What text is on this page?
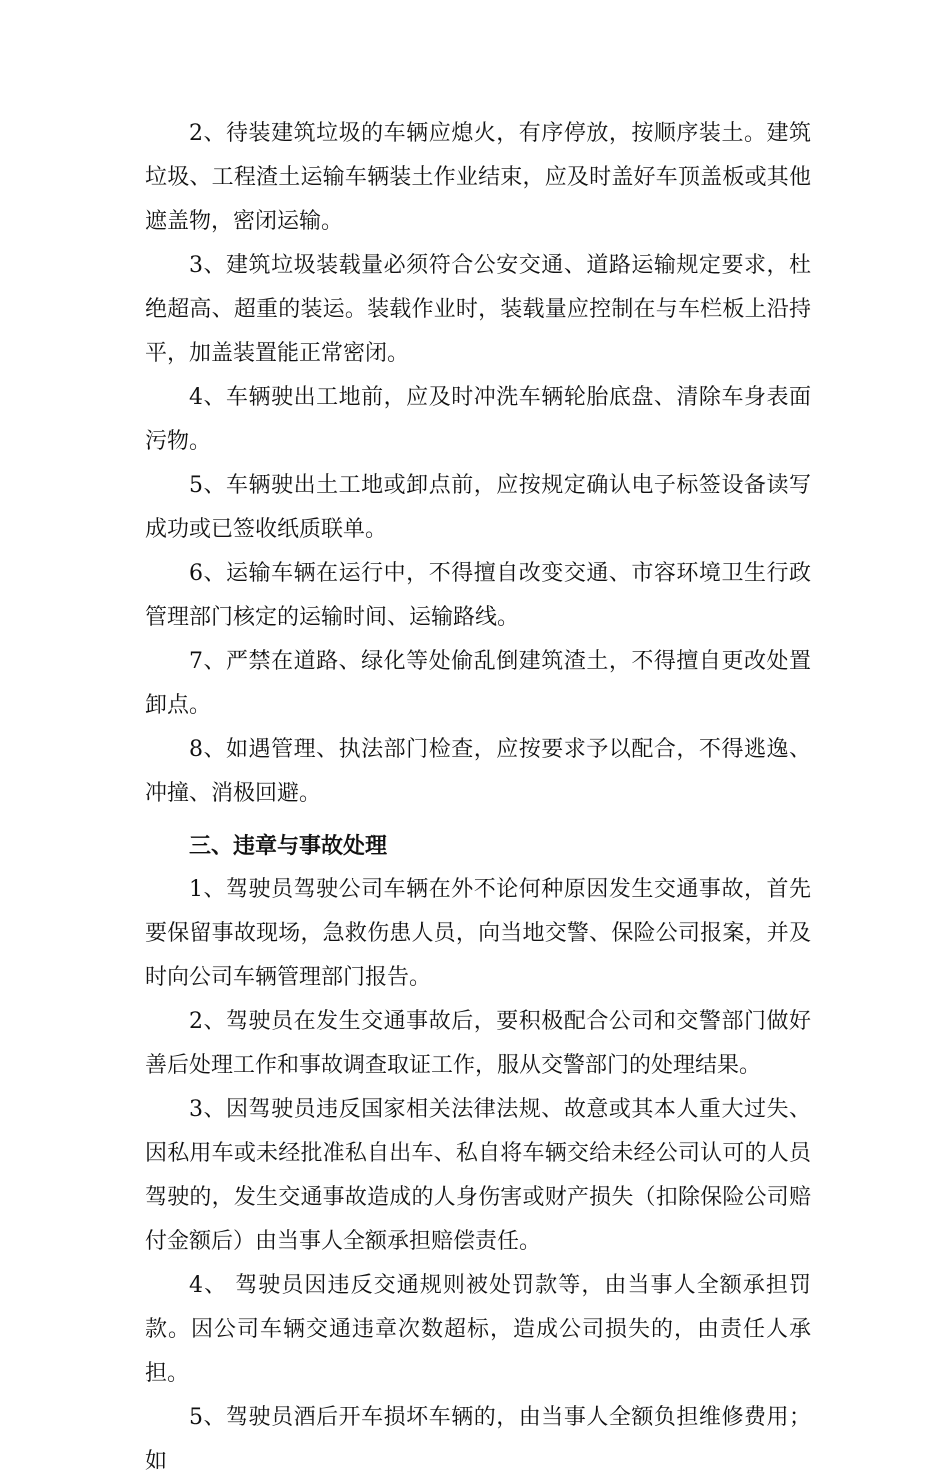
2、待装建筑垃圾的车辆应熄火，有序停放，按顺序装土。建筑垃圾、工程渣土运输车辆装土作业结束，应及时盖好车顶盖板或其他遮盖物，密闭运输。

3、建筑垃圾装载量必须符合公安交通、道路运输规定要求，杜绝超高、超重的装运。装载作业时，装载量应控制在与车栏板上沿持平，加盖装置能正常密闭。

4、车辆驶出工地前，应及时冲洗车辆轮胎底盘、清除车身表面污物。

5、车辆驶出土工地或卸点前，应按规定确认电子标签设备读写成功或已签收纸质联单。

6、运输车辆在运行中，不得擅自改变交通、市容环境卫生行政管理部门核定的运输时间、运输路线。

7、严禁在道路、绿化等处偷乱倒建筑渣土，不得擅自更改处置卸点。

8、如遇管理、执法部门检查，应按要求予以配合，不得逃逸、冲撞、消极回避。

三、违章与事故处理

1、驾驶员驾驶公司车辆在外不论何种原因发生交通事故，首先要保留事故现场，急救伤患人员，向当地交警、保险公司报案，并及时向公司车辆管理部门报告。

2、驾驶员在发生交通事故后，要积极配合公司和交警部门做好善后处理工作和事故调查取证工作，服从交警部门的处理结果。

3、因驾驶员违反国家相关法律法规、故意或其本人重大过失、因私用车或未经批准私自出车、私自将车辆交给未经公司认可的人员驾驶的，发生交通事故造成的人身伤害或财产损失（扣除保险公司赔付金额后）由当事人全额承担赔偿责任。

4、 驾驶员因违反交通规则被处罚款等，由当事人全额承担罚款。因公司车辆交通违章次数超标，造成公司损失的，由责任人承担。

5、驾驶员酒后开车损坏车辆的，由当事人全额负担维修费用；如
